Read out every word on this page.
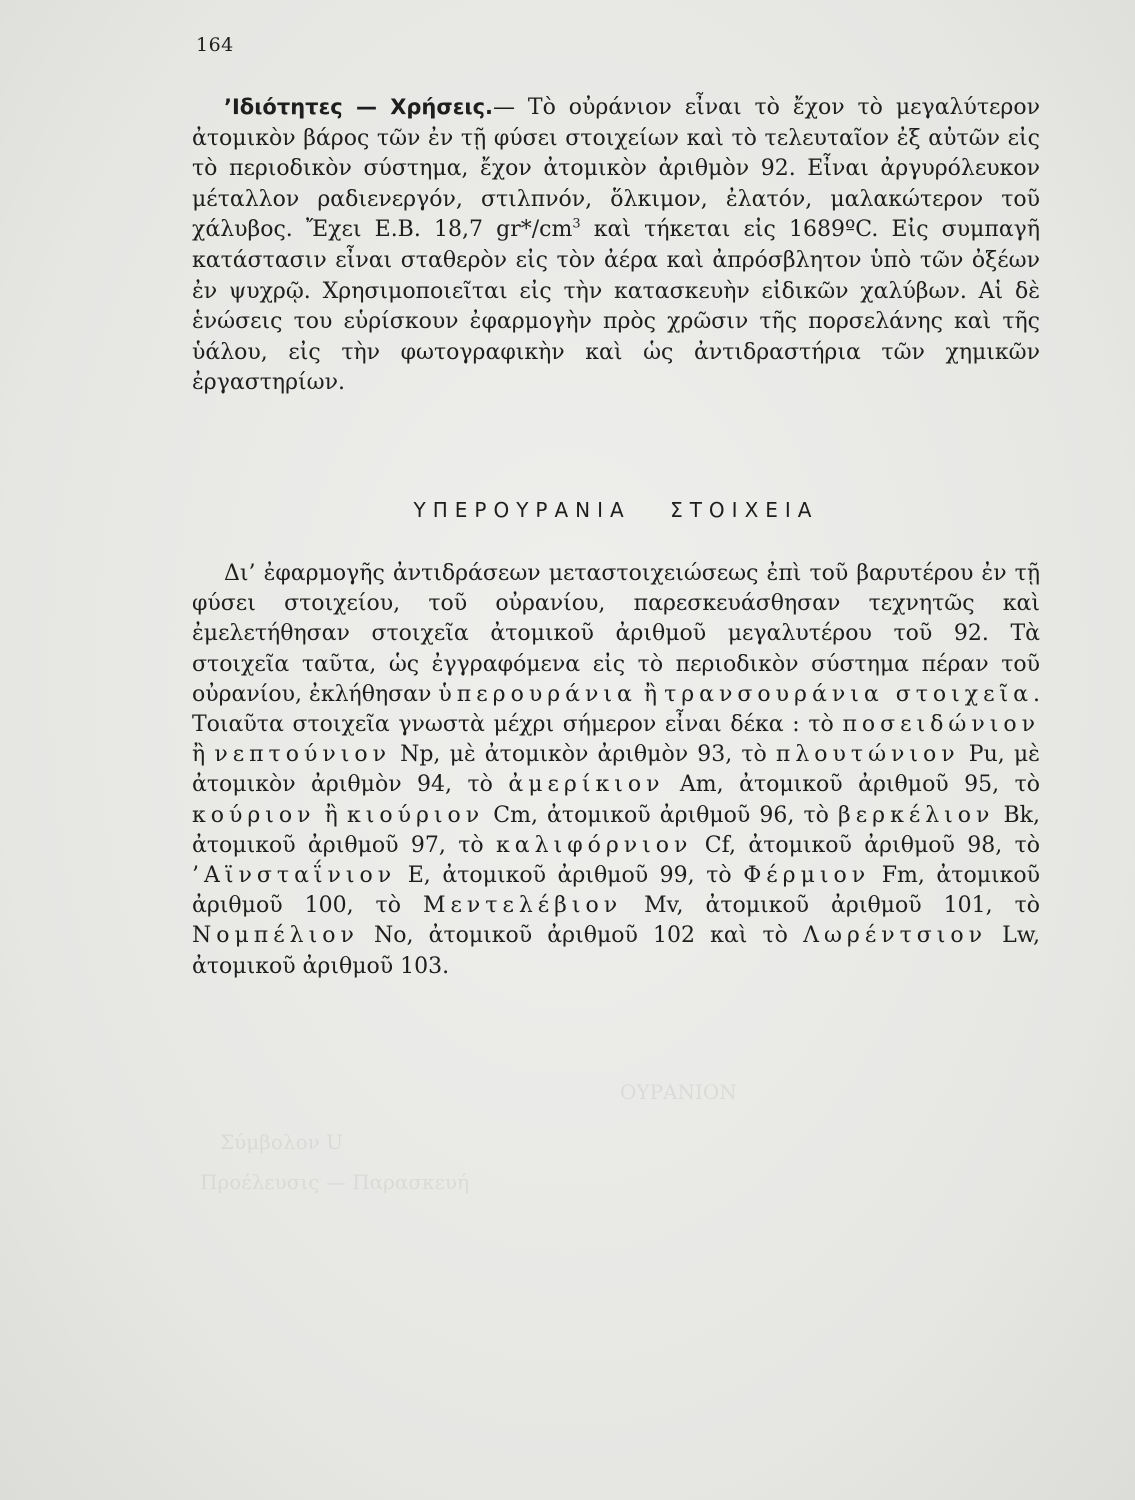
ΟΥΡΑΝΙΟΝ
Σύμβολον U
Προέλευσις — Παρασκευή
164
’Ιδιότητες — Χρήσεις.— Τὸ οὐράνιον εἶναι τὸ ἔχον τὸ μεγαλύτερον ἀτομικὸν βάρος τῶν ἐν τῇ φύσει στοιχείων καὶ τὸ τελευταῖον ἐξ αὐτῶν εἰς τὸ περιοδικὸν σύστημα, ἔχον ἀτομικὸν ἀριθμὸν 92. Εἶναι ἀργυρόλευκον μέταλλον ραδιενεργόν, στιλπνόν, ὅλκιμον, ἐλατόν, μαλακώτερον τοῦ χάλυβος. Ἔχει Ε.Β. 18,7 $gr*/cm^3$ καὶ τήκεται εἰς 1689ºC. Εἰς συμπαγῆ κατάστασιν εἶναι σταθερὸν εἰς τὸν ἀέρα καὶ ἀπρόσβλητον ὑπὸ τῶν ὀξέων ἐν ψυχρῷ. Χρησιμοποιεῖται εἰς τὴν κατασκευὴν εἰδικῶν χαλύβων. Αἱ δὲ ἑνώσεις του εὑρίσκουν ἐφαρμογὴν πρὸς χρῶσιν τῆς πορσελάνης καὶ τῆς ὑάλου, εἰς τὴν φωτογραφικὴν καὶ ὡς ἀντιδραστήρια τῶν χημικῶν ἐργαστηρίων.
ΥΠΕΡΟΥΡΑΝΙΑ ΣΤΟΙΧΕΙΑ
Δι’ ἐφαρμογῆς ἀντιδράσεων μεταστοιχειώσεως ἐπὶ τοῦ βαρυτέρου ἐν τῇ φύσει στοιχείου, τοῦ οὐρανίου, παρεσκευάσθησαν τεχνητῶς καὶ ἐμελετήθησαν στοιχεῖα ἀτομικοῦ ἀριθμοῦ μεγαλυτέρου τοῦ 92. Τὰ στοιχεῖα ταῦτα, ὡς ἐγγραφόμενα εἰς τὸ περιοδικὸν σύστημα πέραν τοῦ οὐρανίου, ἐκλήθησαν ὑπερουράνια ἢ τρανσουράνια στοιχεῖα. Τοιαῦτα στοιχεῖα γνωστὰ μέχρι σήμερον εἶναι δέκα : τὸ ποσειδώνιον ἢ νεπτούνιον Np, μὲ ἀτομικὸν ἀριθμὸν 93, τὸ πλουτώνιον Pu, μὲ ἀτομικὸν ἀριθμὸν 94, τὸ ἀμερίκιον Am, ἀτομικοῦ ἀριθμοῦ 95, τὸ κούριον ἢ κιούριον Cm, ἀτομικοῦ ἀριθμοῦ 96, τὸ βερκέλιον Bk, ἀτομικοῦ ἀριθμοῦ 97, τὸ καλιφόρνιον Cf, ἀτομικοῦ ἀριθμοῦ 98, τὸ ’Αϊνσταΐνιον E, ἀτομικοῦ ἀριθμοῦ 99, τὸ Φέρμιον Fm, ἀτομικοῦ ἀριθμοῦ 100, τὸ Μεντελέβιον Mv, ἀτομικοῦ ἀριθμοῦ 101, τὸ Νομπέλιον No, ἀτομικοῦ ἀριθμοῦ 102 καὶ τὸ Λωρέντσιον Lw, ἀτομικοῦ ἀριθμοῦ 103.
